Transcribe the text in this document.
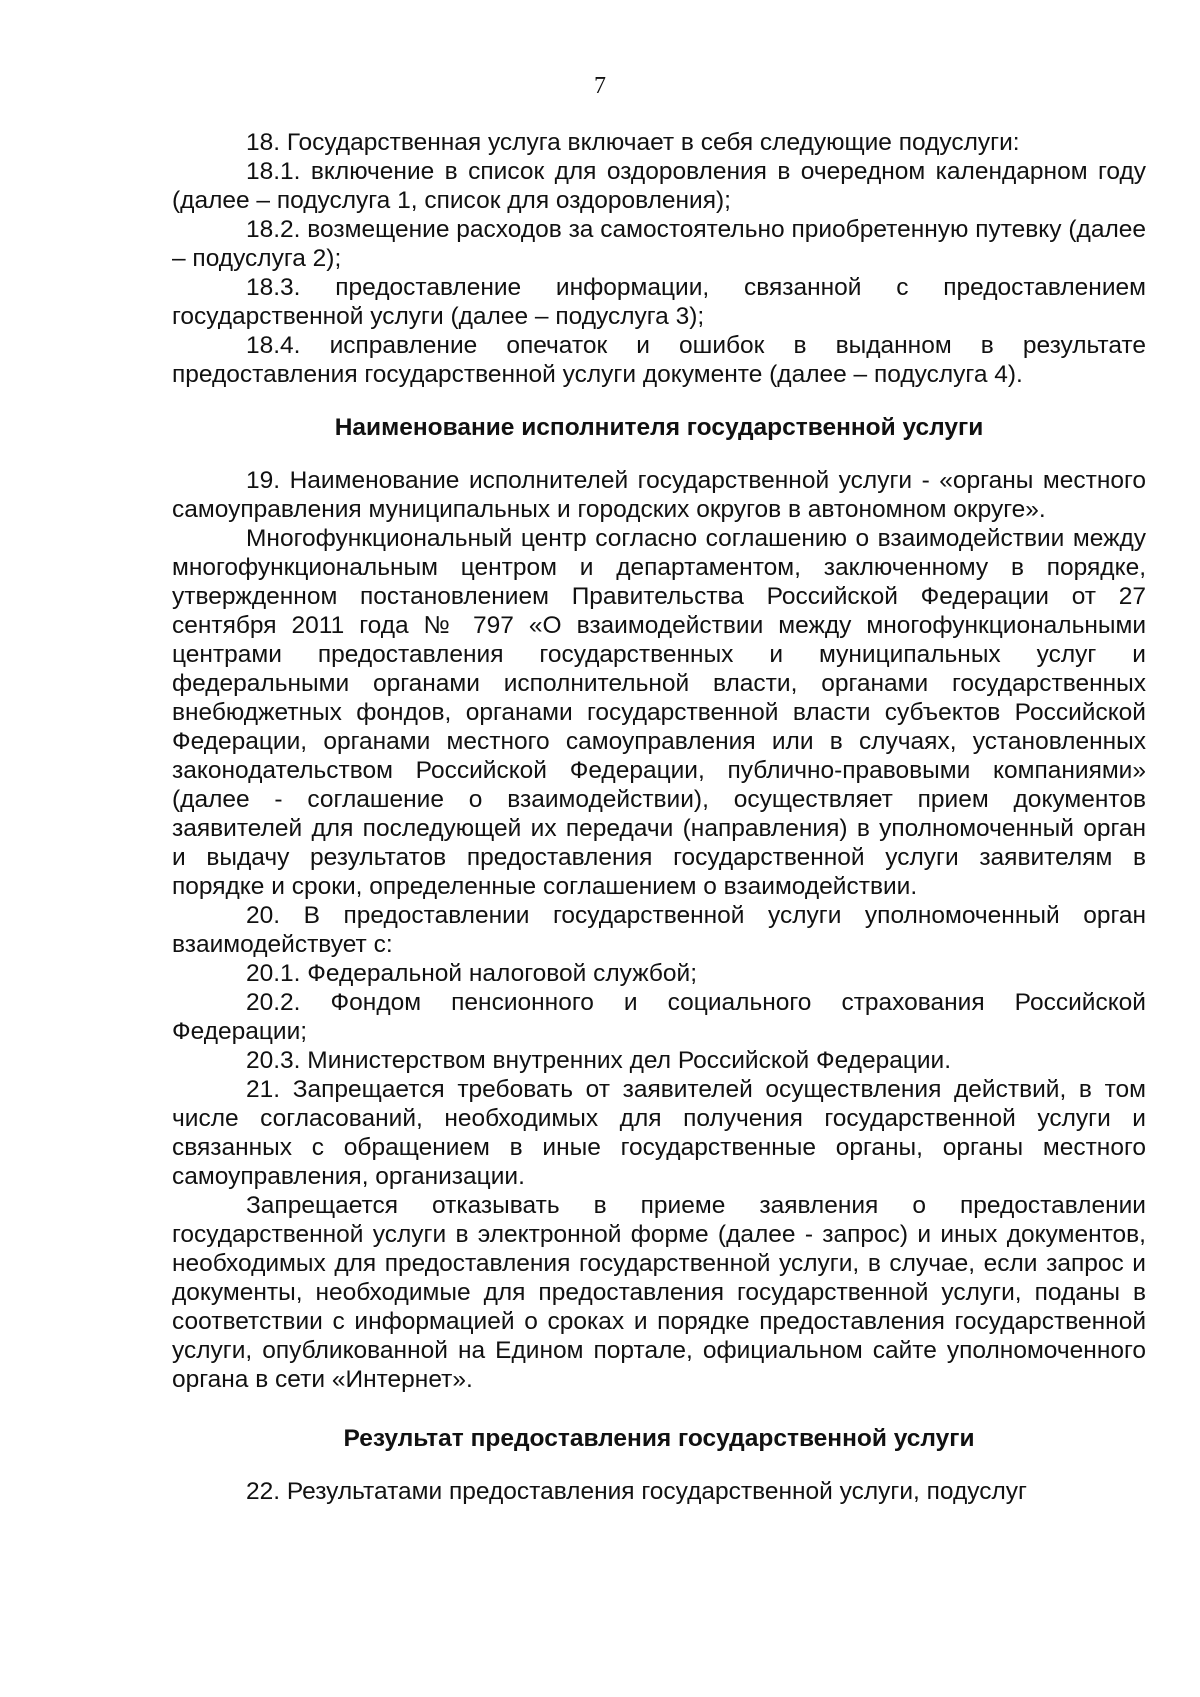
7

18. Государственная услуга включает в себя следующие подуслуги:

18.1. включение в список для оздоровления в очередном календарном году (далее – подуслуга 1, список для оздоровления);

18.2. возмещение расходов за самостоятельно приобретенную путевку (далее – подуслуга 2);

18.3. предоставление информации, связанной с предоставлением государственной услуги (далее – подуслуга 3);

18.4. исправление опечаток и ошибок в выданном в результате предоставления государственной услуги документе (далее – подуслуга 4).

Наименование исполнителя государственной услуги

19. Наименование исполнителей государственной услуги - «органы местного самоуправления муниципальных и городских округов в автономном округе».

Многофункциональный центр согласно соглашению о взаимодействии между многофункциональным центром и департаментом, заключенному в порядке, утвержденном постановлением Правительства Российской Федерации от 27 сентября 2011 года № 797 «О взаимодействии между многофункциональными центрами предоставления государственных и муниципальных услуг и федеральными органами исполнительной власти, органами государственных внебюджетных фондов, органами государственной власти субъектов Российской Федерации, органами местного самоуправления или в случаях, установленных законодательством Российской Федерации, публично-правовыми компаниями» (далее - соглашение о взаимодействии), осуществляет прием документов заявителей для последующей их передачи (направления) в уполномоченный орган и выдачу результатов предоставления государственной услуги заявителям в порядке и сроки, определенные соглашением о взаимодействии.

20. В предоставлении государственной услуги уполномоченный орган взаимодействует с:

20.1. Федеральной налоговой службой;

20.2. Фондом пенсионного и социального страхования Российской Федерации;

20.3. Министерством внутренних дел Российской Федерации.

21. Запрещается требовать от заявителей осуществления действий, в том числе согласований, необходимых для получения государственной услуги и связанных с обращением в иные государственные органы, органы местного самоуправления, организации.

Запрещается отказывать в приеме заявления о предоставлении государственной услуги в электронной форме (далее - запрос) и иных документов, необходимых для предоставления государственной услуги, в случае, если запрос и документы, необходимые для предоставления государственной услуги, поданы в соответствии с информацией о сроках и порядке предоставления государственной услуги, опубликованной на Едином портале, официальном сайте уполномоченного органа в сети «Интернет».

Результат предоставления государственной услуги

22. Результатами предоставления государственной услуги, подуслуг
